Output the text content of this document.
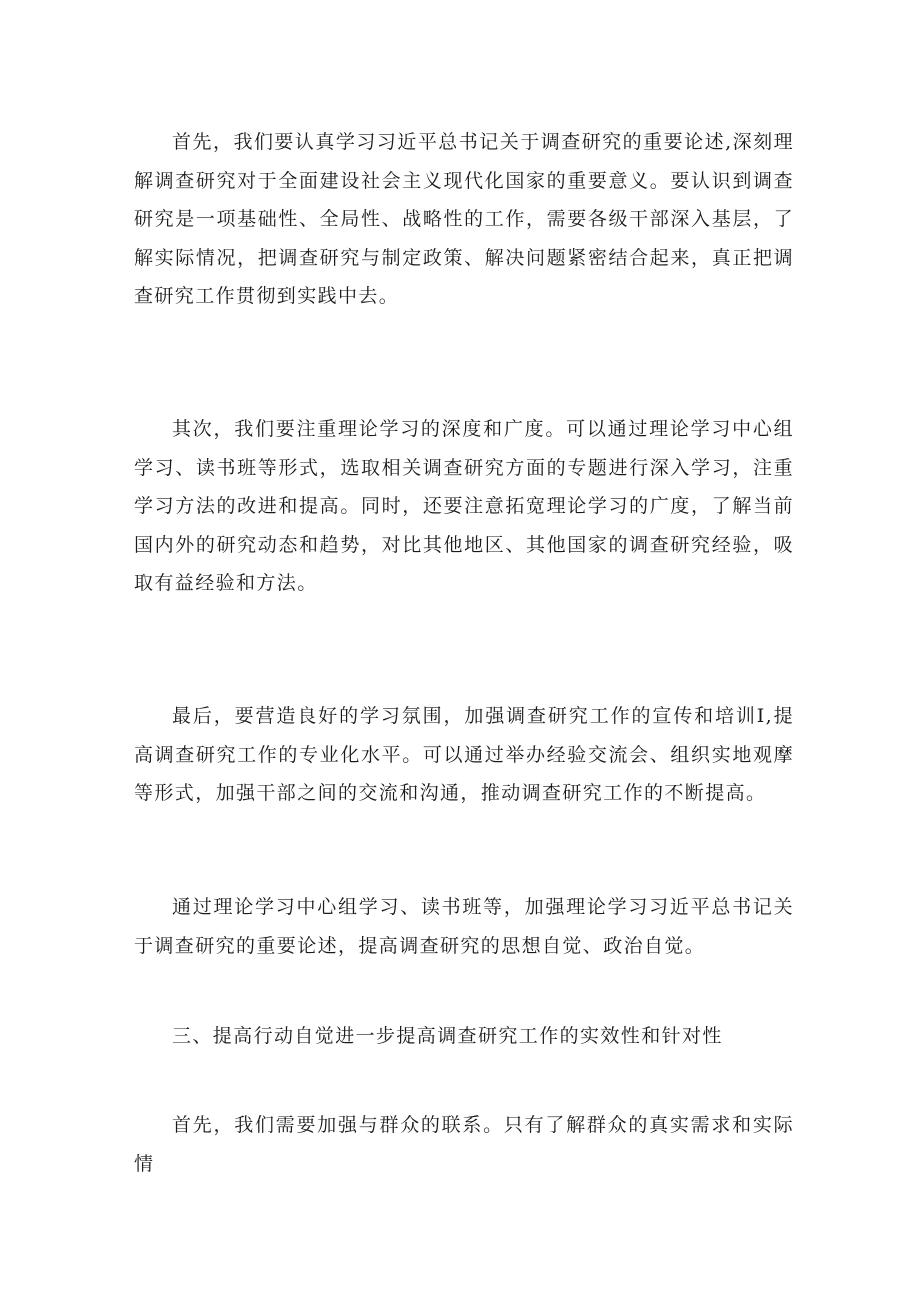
首先，我们要认真学习习近平总书记关于调查研究的重要论述,深刻理解调查研究对于全面建设社会主义现代化国家的重要意义。要认识到调查研究是一项基础性、全局性、战略性的工作，需要各级干部深入基层，了解实际情况，把调查研究与制定政策、解决问题紧密结合起来，真正把调查研究工作贯彻到实践中去。

其次，我们要注重理论学习的深度和广度。可以通过理论学习中心组学习、读书班等形式，选取相关调查研究方面的专题进行深入学习，注重学习方法的改进和提高。同时，还要注意拓宽理论学习的广度，了解当前国内外的研究动态和趋势，对比其他地区、其他国家的调查研究经验，吸取有益经验和方法。

最后，要营造良好的学习氛围，加强调查研究工作的宣传和培训I,提高调查研究工作的专业化水平。可以通过举办经验交流会、组织实地观摩等形式，加强干部之间的交流和沟通，推动调查研究工作的不断提高。

通过理论学习中心组学习、读书班等，加强理论学习习近平总书记关于调查研究的重要论述，提高调查研究的思想自觉、政治自觉。

三、提高行动自觉进一步提高调查研究工作的实效性和针对性

首先，我们需要加强与群众的联系。只有了解群众的真实需求和实际情
